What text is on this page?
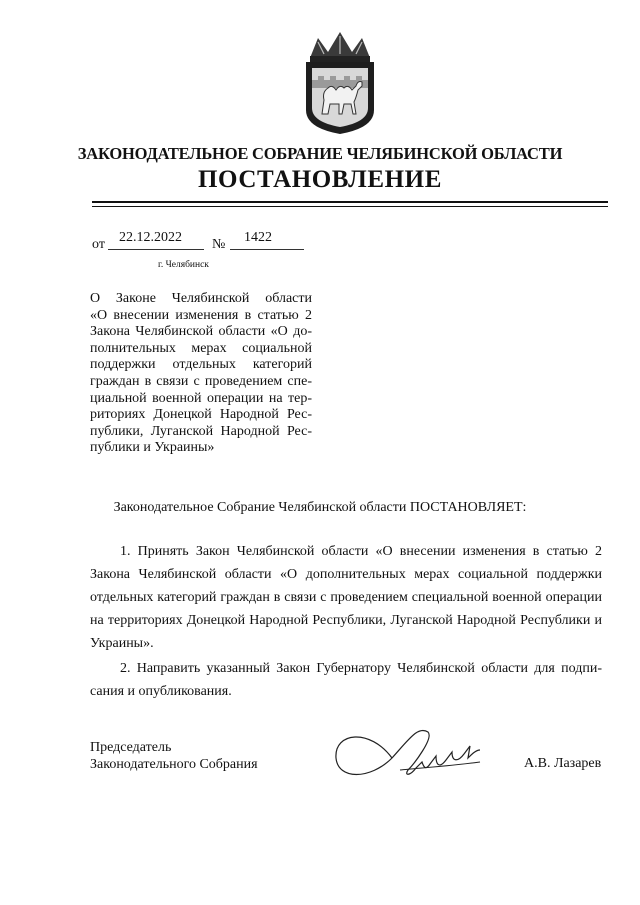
ЗАКОНОДАТЕЛЬНОЕ СОБРАНИЕ ЧЕЛЯБИНСКОЙ ОБЛАСТИ
ПОСТАНОВЛЕНИЕ
от 22.12.2022 № 1422
г. Челябинск
О Законе Челябинской области
«О внесении изменения в статью 2
Закона Челябинской области «О до-
полнительных мерах социальной
поддержки отдельных категорий
граждан в связи с проведением спе-
циальной военной операции на тер-
риториях Донецкой Народной Рес-
публики, Луганской Народной Рес-
публики и Украины»
Законодательное Собрание Челябинской области ПОСТАНОВЛЯЕТ:
1. Принять Закон Челябинской области «О внесении изменения в статью 2
Закона Челябинской области «О дополнительных мерах социальной поддержки
отдельных категорий граждан в связи с проведением специальной военной операции
на территориях Донецкой Народной Республики, Луганской Народной Республики и
Украины».
2. Направить указанный Закон Губернатору Челябинской области для подпи-
сания и опубликования.
Председатель
Законодательного Собрания	А.В. Лазарев
